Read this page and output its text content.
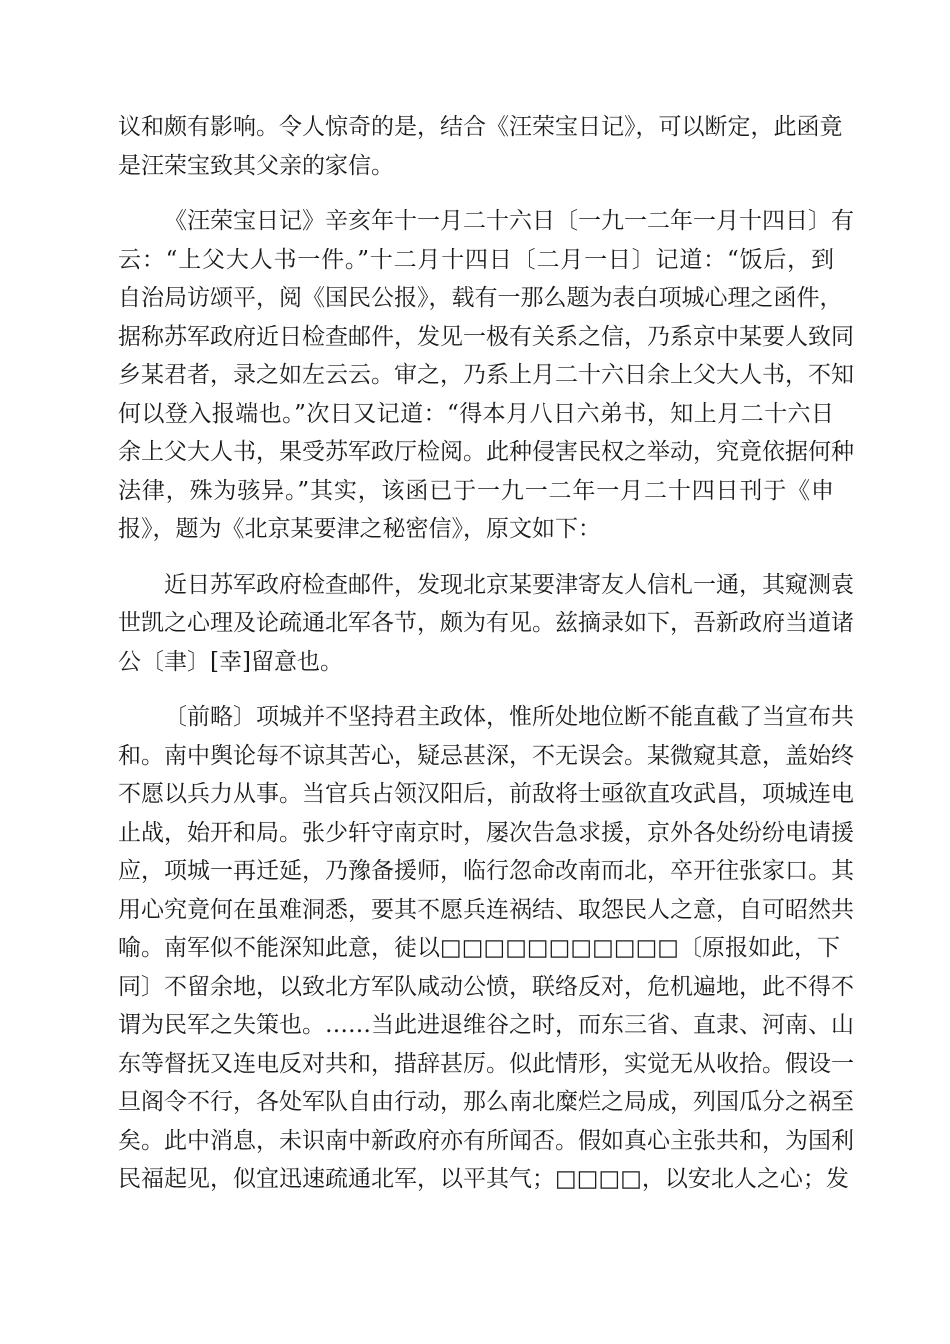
议和颇有影响。令人惊奇的是，结合《汪荣宝日记》，可以断定，此函竟
是汪荣宝致其父亲的家信。

《汪荣宝日记》辛亥年十一月二十六日〔一九一二年一月十四日〕有
云：“上父大人书一件。”十二月十四日〔二月一日〕记道：“饭后，到
自治局访颂平，阅《国民公报》，载有一那么题为表白项城心理之函件，
据称苏军政府近日检查邮件，发见一极有关系之信，乃系京中某要人致同
乡某君者，录之如左云云。审之，乃系上月二十六日余上父大人书，不知
何以登入报端也。”次日又记道：“得本月八日六弟书，知上月二十六日
余上父大人书，果受苏军政厅检阅。此种侵害民权之举动，究竟依据何种
法律，殊为骇异。”其实，该函已于一九一二年一月二十四日刊于《申
报》，题为《北京某要津之秘密信》，原文如下：

近日苏军政府检查邮件，发现北京某要津寄友人信札一通，其窥测袁
世凯之心理及论疏通北军各节，颇为有见。兹摘录如下，吾新政府当道诸
公〔聿〕[幸]留意也。

〔前略〕项城并不坚持君主政体，惟所处地位断不能直截了当宣布共
和。南中舆论每不谅其苦心，疑忌甚深，不无误会。某微窥其意，盖始终
不愿以兵力从事。当官兵占领汉阳后，前敌将士亟欲直攻武昌，项城连电
止战，始开和局。张少轩守南京时，屡次告急求援，京外各处纷纷电请援
应，项城一再迁延，乃豫备援师，临行忽命改南而北，卒开往张家口。其
用心究竟何在虽难洞悉，要其不愿兵连祸结、取怨民人之意，自可昭然共
喻。南军似不能深知此意，徒以□□□□□□□□□□□〔原报如此，下
同〕不留余地，以致北方军队咸动公愤，联络反对，危机遍地，此不得不
谓为民军之失策也。……当此进退维谷之时，而东三省、直隶、河南、山
东等督抚又连电反对共和，措辞甚厉。似此情形，实觉无从收拾。假设一
旦阁令不行，各处军队自由行动，那么南北糜烂之局成，列国瓜分之祸至
矣。此中消息，未识南中新政府亦有所闻否。假如真心主张共和，为国利
民福起见，似宜迅速疏通北军，以平其气；□□□□，以安北人之心；发
